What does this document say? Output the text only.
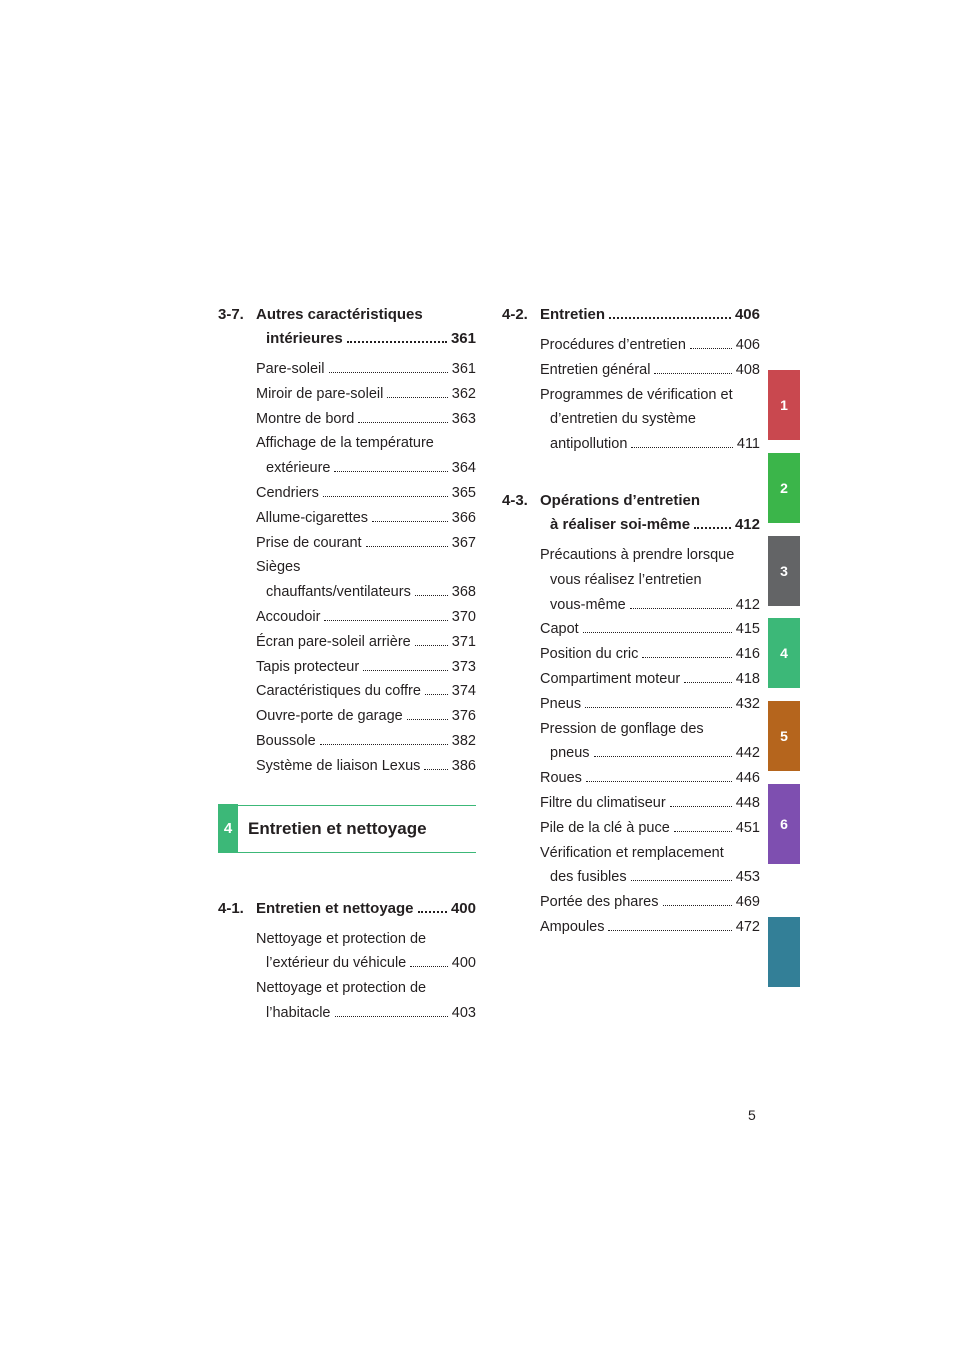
3-7. Autres caractéristiques
intérieures	361
Pare-soleil	361
Miroir de pare-soleil	362
Montre de bord	363
Affichage de la température
extérieure	364
Cendriers	365
Allume-cigarettes	366
Prise de courant	367
Sièges
chauffants/ventilateurs	368
Accoudoir	370
Écran pare-soleil arrière	371
Tapis protecteur	373
Caractéristiques du coffre 374
Ouvre-porte de garage	376
Boussole	382
Système de liaison Lexus 386
4 Entretien et nettoyage
4-1. Entretien et nettoyage 400
Nettoyage et protection de
l’extérieur du véhicule	400
Nettoyage et protection de
l’habitacle	403
4-2. Entretien	406
Procédures d’entretien	406
Entretien général	408
Programmes de vérification et
d’entretien du système
antipollution	411
4-3. Opérations d’entretien
à réaliser soi-même	412
Précautions à prendre lorsque
vous réalisez l’entretien
vous-même	412
Capot	415
Position du cric	416
Compartiment moteur	418
Pneus	432
Pression de gonflage des
pneus	442
Roues	446
Filtre du climatiseur	448
Pile de la clé à puce	451
Vérification et remplacement
des fusibles	453
Portée des phares	469
Ampoules	472
1
2
3
4
5
6
5
